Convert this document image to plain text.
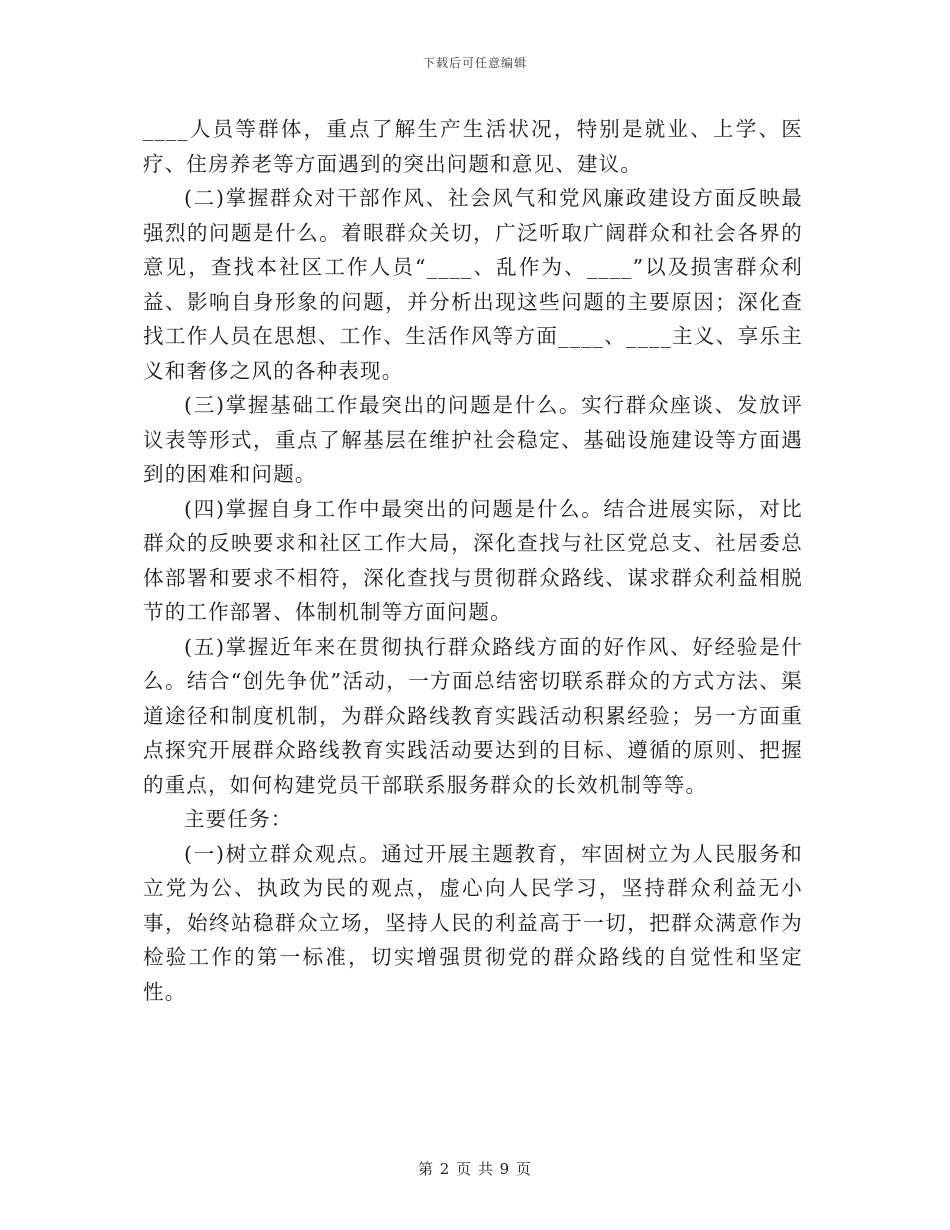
下载后可任意编辑

____人员等群体，重点了解生产生活状况，特别是就业、上学、医疗、住房养老等方面遇到的突出问题和意见、建议。

(二)掌握群众对干部作风、社会风气和党风廉政建设方面反映最强烈的问题是什么。着眼群众关切，广泛听取广阔群众和社会各界的意见，查找本社区工作人员“____、乱作为、____”以及损害群众利益、影响自身形象的问题，并分析出现这些问题的主要原因；深化查找工作人员在思想、工作、生活作风等方面____、____主义、享乐主义和奢侈之风的各种表现。

(三)掌握基础工作最突出的问题是什么。实行群众座谈、发放评议表等形式，重点了解基层在维护社会稳定、基础设施建设等方面遇到的困难和问题。

(四)掌握自身工作中最突出的问题是什么。结合进展实际，对比群众的反映要求和社区工作大局，深化查找与社区党总支、社居委总体部署和要求不相符，深化查找与贯彻群众路线、谋求群众利益相脱节的工作部署、体制机制等方面问题。

(五)掌握近年来在贯彻执行群众路线方面的好作风、好经验是什么。结合“创先争优”活动，一方面总结密切联系群众的方式方法、渠道途径和制度机制，为群众路线教育实践活动积累经验；另一方面重点探究开展群众路线教育实践活动要达到的目标、遵循的原则、把握的重点，如何构建党员干部联系服务群众的长效机制等等。

主要任务：

(一)树立群众观点。通过开展主题教育，牢固树立为人民服务和立党为公、执政为民的观点，虚心向人民学习，坚持群众利益无小事，始终站稳群众立场，坚持人民的利益高于一切，把群众满意作为检验工作的第一标准，切实增强贯彻党的群众路线的自觉性和坚定性。

第 2 页 共 9 页
